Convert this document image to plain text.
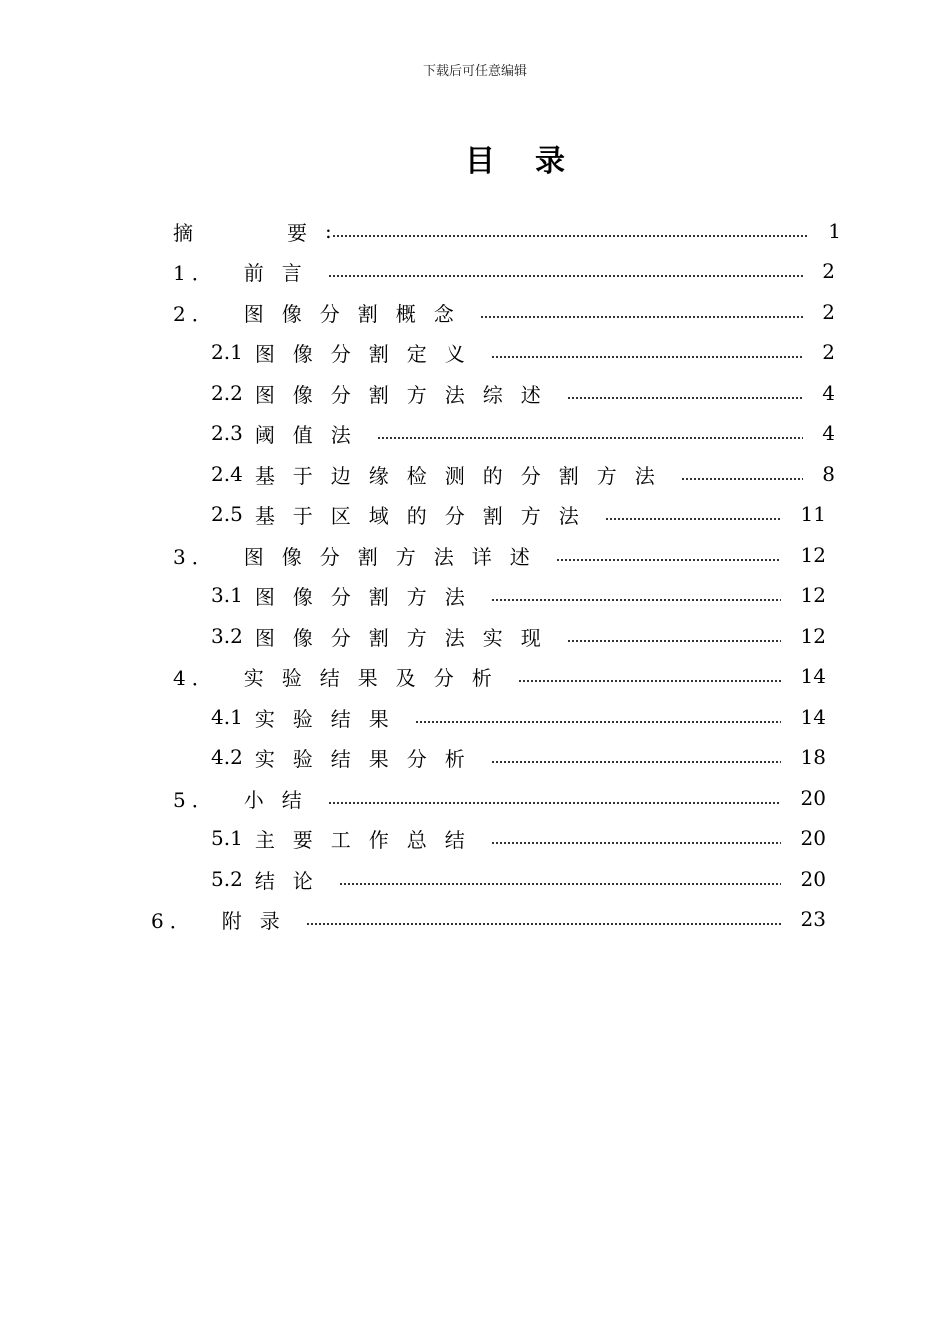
下载后可任意编辑
目录
摘　　要 :	1
1． 前言	2
2． 图像分割概念	2
2.1 图像分割定义	2
2.2 图像分割方法综述	4
2.3 阈值法	4
2.4 基于边缘检测的分割方法	8
2.5 基于区域的分割方法	11
3． 图像分割方法详述	12
3.1 图像分割方法	12
3.2 图像分割方法实现	12
4． 实验结果及分析	14
4.1 实验结果	14
4.2 实验结果分析	18
5． 小结	20
5.1 主要工作总结	20
5.2 结论	20
6． 附录	23
